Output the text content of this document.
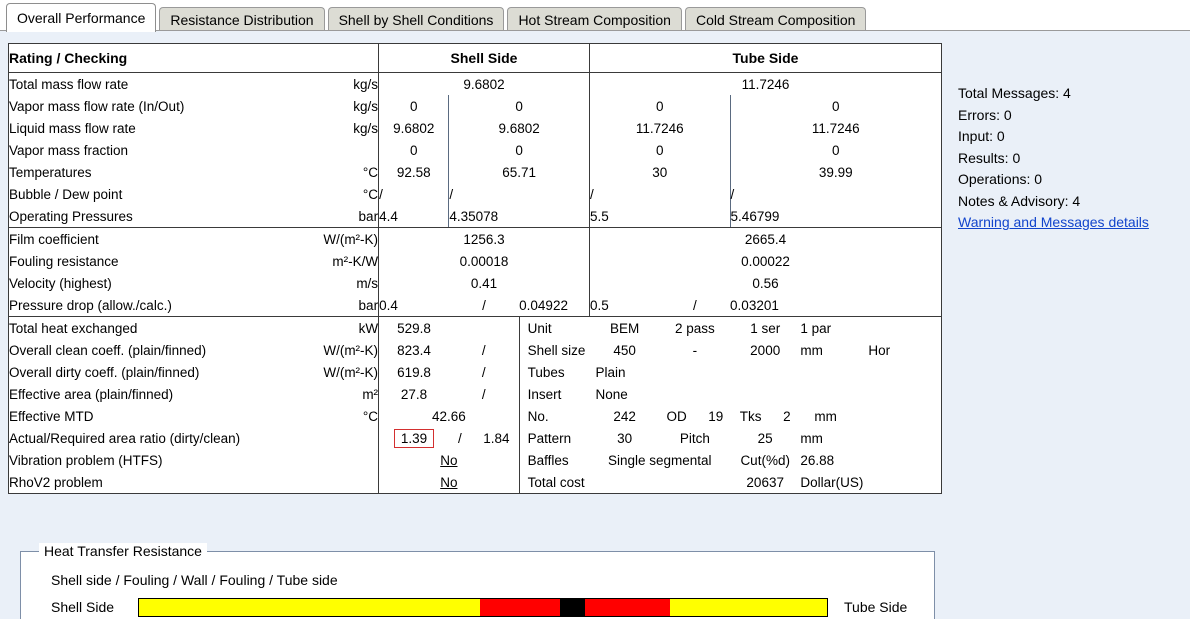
Overall Performance	Resistance Distribution	Shell by Shell Conditions	Hot Stream Composition	Cold Stream Composition
Rating / Checking		Shell Side			Tube Side			
Total mass flow rate	kg/s	9.6802			11.7246			
Vapor mass flow rate (In/Out)	kg/s	0	0		0		0	
Liquid mass flow rate	kg/s	9.6802	9.6802		11.7246		11.7246	
Vapor mass fraction		0	0		0		0	
Temperatures	°C	92.58	65.71		30		39.99	
Bubble / Dew point	°C	/	/		/		/	
Operating Pressures	bar	4.4	4.35078		5.5		5.46799	
Film coefficient	W/(m²-K)	1256.3			2665.4			
Fouling resistance	m²-K/W	0.00018			0.00022			
Velocity (highest)	m/s	0.41			0.56			
Pressure drop (allow./calc.)	bar	0.4	/	0.04922	0.5	/	0.03201	
Total heat exchanged	kW	529.8		Unit	BEM	2 pass	1 ser	1 par
Overall clean coeff. (plain/finned)	W/(m²-K)	823.4	/	Shell size	450	-	2000	mm Hor
Overall dirty coeff. (plain/finned)	W/(m²-K)	619.8	/	Tubes	Plain			
Effective area (plain/finned)	m²	27.8	/	Insert	None			
Effective MTD	°C	42.66		No.	242	OD 19	Tks 2	mm
Actual/Required area ratio (dirty/clean)		1.39	/ 1.84	Pattern	30	Pitch	25	mm
Vibration problem (HTFS)		No		Baffles	Single segmental		Cut(%d)	26.88
RhoV2 problem		No		Total cost			20637	Dollar(US)
Total Messages: 4
Errors: 0
Input: 0
Results: 0
Operations: 0
Notes & Advisory: 4
Warning and Messages details
Heat Transfer Resistance
Shell side / Fouling / Wall / Fouling / Tube side
Shell Side	Tube Side
